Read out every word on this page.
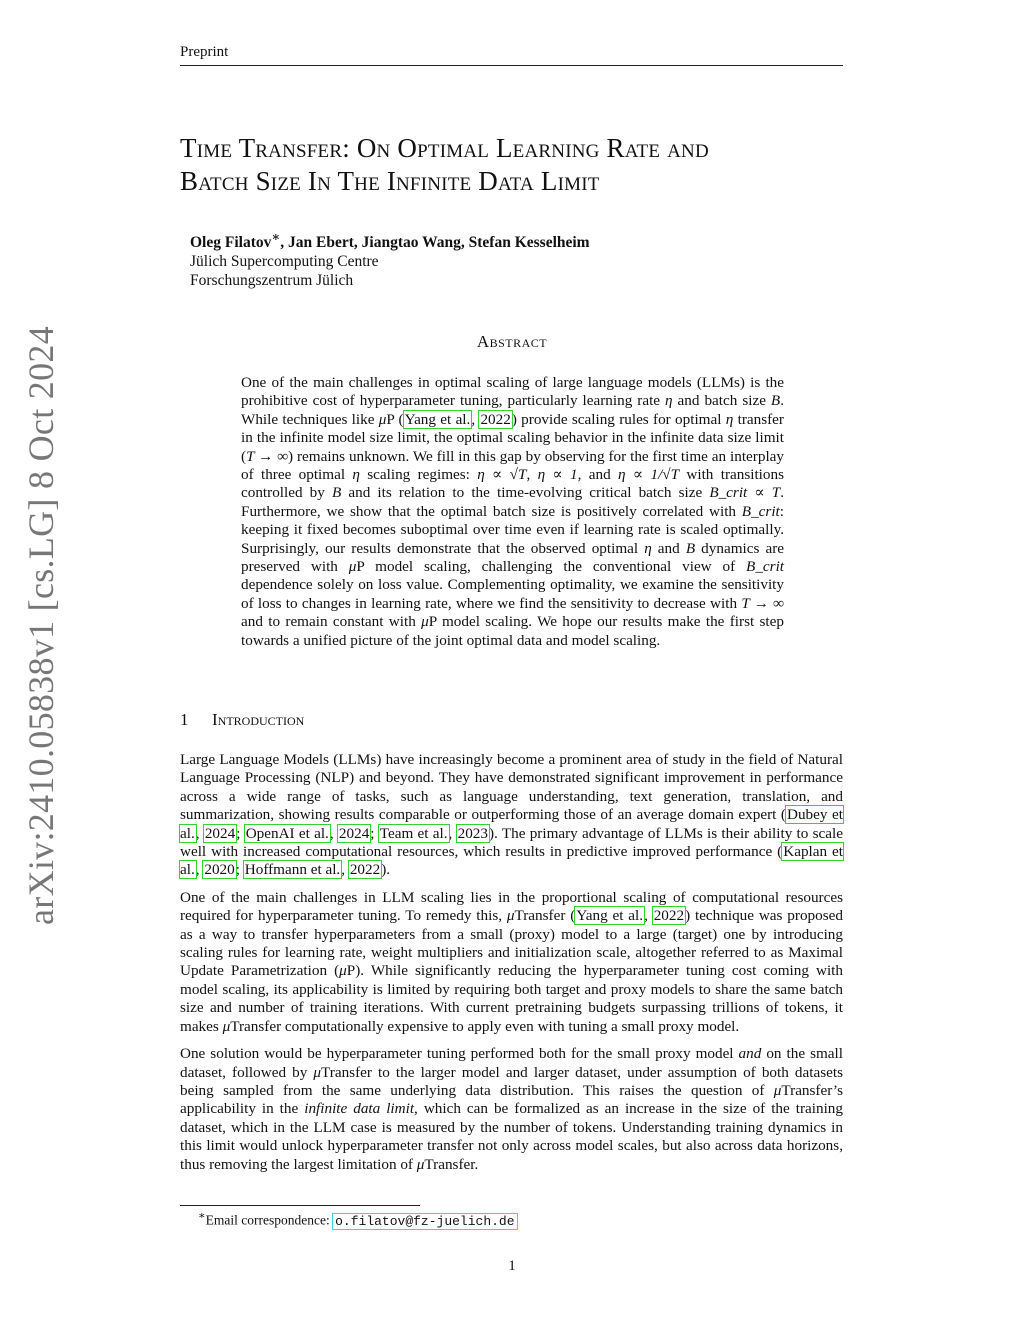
Preprint
arXiv:2410.05838v1 [cs.LG] 8 Oct 2024
Time Transfer: On Optimal Learning Rate and
Batch Size In The Infinite Data Limit
Oleg Filatov∗, Jan Ebert, Jiangtao Wang, Stefan Kesselheim
Jülich Supercomputing Centre
Forschungszentrum Jülich
Abstract
One of the main challenges in optimal scaling of large language models (LLMs) is the prohibitive cost of hyperparameter tuning, particularly learning rate η and batch size B. While techniques like μP (Yang et al., 2022) provide scaling rules for optimal η transfer in the infinite model size limit, the optimal scaling behavior in the infinite data size limit (T → ∞) remains unknown. We fill in this gap by observing for the first time an interplay of three optimal η scaling regimes: η ∝ √T, η ∝ 1, and η ∝ 1/√T with transitions controlled by B and its relation to the time-evolving critical batch size B_crit ∝ T. Furthermore, we show that the optimal batch size is positively correlated with B_crit: keeping it fixed becomes suboptimal over time even if learning rate is scaled optimally. Surprisingly, our results demonstrate that the observed optimal η and B dynamics are preserved with μP model scaling, challenging the conventional view of B_crit dependence solely on loss value. Complementing optimality, we examine the sensitivity of loss to changes in learning rate, where we find the sensitivity to decrease with T → ∞ and to remain constant with μP model scaling. We hope our results make the first step towards a unified picture of the joint optimal data and model scaling.
1 Introduction

Large Language Models (LLMs) have increasingly become a prominent area of study in the field of Natural Language Processing (NLP) and beyond. They have demonstrated significant improvement in performance across a wide range of tasks, such as language understanding, text generation, translation, and summarization, showing results comparable or outperforming those of an average domain expert (Dubey et al., 2024; OpenAI et al., 2024; Team et al., 2023). The primary advantage of LLMs is their ability to scale well with increased computational resources, which results in predictive improved performance (Kaplan et al., 2020; Hoffmann et al., 2022).

One of the main challenges in LLM scaling lies in the proportional scaling of computational resources required for hyperparameter tuning. To remedy this, μTransfer (Yang et al., 2022) technique was proposed as a way to transfer hyperparameters from a small (proxy) model to a large (target) one by introducing scaling rules for learning rate, weight multipliers and initialization scale, altogether referred to as Maximal Update Parametrization (μP). While significantly reducing the hyperparameter tuning cost coming with model scaling, its applicability is limited by requiring both target and proxy models to share the same batch size and number of training iterations. With current pretraining budgets surpassing trillions of tokens, it makes μTransfer computationally expensive to apply even with tuning a small proxy model.

One solution would be hyperparameter tuning performed both for the small proxy model and on the small dataset, followed by μTransfer to the larger model and larger dataset, under assumption of both datasets being sampled from the same underlying data distribution. This raises the question of μTransfer’s applicability in the infinite data limit, which can be formalized as an increase in the size of the training dataset, which in the LLM case is measured by the number of tokens. Understanding training dynamics in this limit would unlock hyperparameter transfer not only across model scales, but also across data horizons, thus removing the largest limitation of μTransfer.

∗Email correspondence: o.filatov@fz-juelich.de
1
